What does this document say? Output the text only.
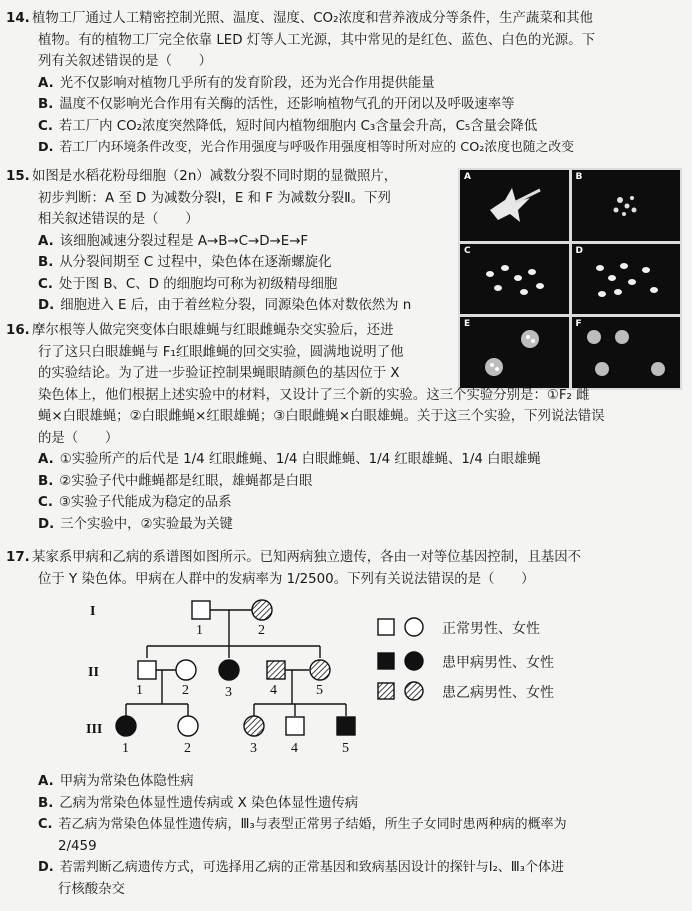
14. 植物工厂通过人工精密控制光照、温度、湿度、CO₂浓度和营养液成分等条件，生产蔬菜和其他
植物。有的植物工厂完全依靠 LED 灯等人工光源，其中常见的是红色、蓝色、白色的光源。下
列有关叙述错误的是（　　）
A. 光不仅影响对植物几乎所有的发育阶段，还为光合作用提供能量
B. 温度不仅影响光合作用有关酶的活性，还影响植物气孔的开闭以及呼吸速率等
C. 若工厂内 CO₂浓度突然降低，短时间内植物细胞内 C₃含量会升高，C₅含量会降低
D. 若工厂内环境条件改变，光合作用强度与呼吸作用强度相等时所对应的 CO₂浓度也随之改变
15. 如图是水稻花粉母细胞（2n）减数分裂不同时期的显微照片，
初步判断：A 至 D 为减数分裂Ⅰ，E 和 F 为减数分裂Ⅱ。下列
相关叙述错误的是（　　）
A. 该细胞减速分裂过程是 A→B→C→D→E→F
B. 从分裂间期至 C 过程中，染色体在逐渐螺旋化
C. 处于图 B、C、D 的细胞均可称为初级精母细胞
D. 细胞进入 E 后，由于着丝粒分裂，同源染色体对数依然为 n
A	B
C	D
E	F
16. 摩尔根等人做完突变体白眼雄蝇与红眼雌蝇杂交实验后，还进
行了这只白眼雄蝇与 F₁红眼雌蝇的回交实验，圆满地说明了他
的实验结论。为了进一步验证控制果蝇眼睛颜色的基因位于 X
染色体上，他们根据上述实验中的材料，又设计了三个新的实验。这三个实验分别是：①F₂ 雌
蝇×白眼雄蝇；②白眼雌蝇×红眼雄蝇；③白眼雌蝇×白眼雄蝇。关于这三个实验，下列说法错误
的是（　　）
A. ①实验所产的后代是 1/4 红眼雌蝇、1/4 白眼雌蝇、1/4 红眼雄蝇、1/4 白眼雄蝇
B. ②实验子代中雌蝇都是红眼，雄蝇都是白眼
C. ③实验子代能成为稳定的品系
D. 三个实验中，②实验最为关键
17. 某家系甲病和乙病的系谱图如图所示。已知两病独立遗传，各由一对等位基因控制，且基因不
位于 Y 染色体。甲病在人群中的发病率为 1/2500。下列有关说法错误的是（　　）
I
II
III
1	2
1	2	3	4	5
1	2	3 4	5
正常男性、女性
患甲病男性、女性
患乙病男性、女性
A. 甲病为常染色体隐性病
B. 乙病为常染色体显性遗传病或 X 染色体显性遗传病
C. 若乙病为常染色体显性遗传病，Ⅲ₃与表型正常男子结婚，所生子女同时患两种病的概率为
2/459
D. 若需判断乙病遗传方式，可选择用乙病的正常基因和致病基因设计的探针与Ⅰ₂、Ⅲ₃个体进
行核酸杂交
